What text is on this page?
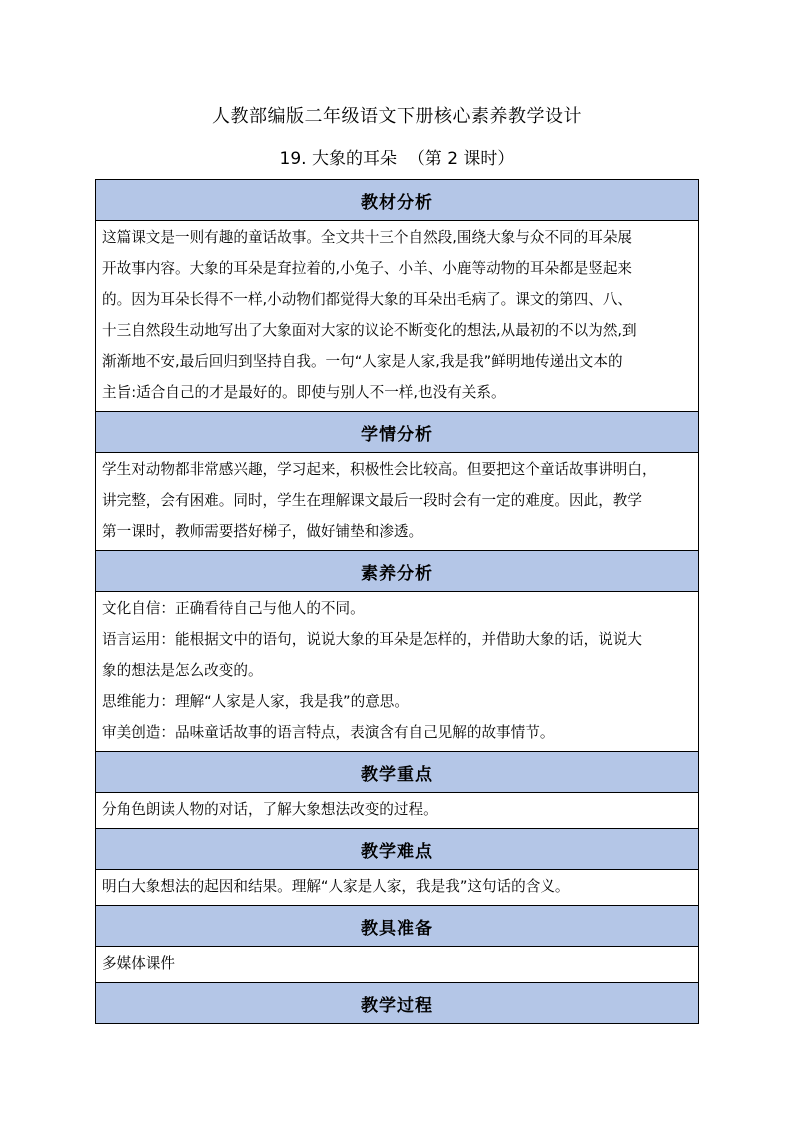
人教部编版二年级语文下册核心素养教学设计
19. 大象的耳朵 （第 2 课时）
教材分析

这篇课文是一则有趣的童话故事。全文共十三个自然段,围绕大象与众不同的耳朵展

开故事内容。大象的耳朵是耷拉着的,小兔子、小羊、小鹿等动物的耳朵都是竖起来

的。因为耳朵长得不一样,小动物们都觉得大象的耳朵出毛病了。课文的第四、八、

十三自然段生动地写出了大象面对大家的议论不断变化的想法,从最初的不以为然,到

渐渐地不安,最后回归到坚持自我。一句“人家是人家,我是我”鲜明地传递出文本的

主旨:适合自己的才是最好的。即使与别人不一样,也没有关系。

学情分析

学生对动物都非常感兴趣，学习起来，积极性会比较高。但要把这个童话故事讲明白，

讲完整，会有困难。同时，学生在理解课文最后一段时会有一定的难度。因此，教学

第一课时，教师需要搭好梯子，做好铺垫和渗透。

素养分析

文化自信：正确看待自己与他人的不同。

语言运用：能根据文中的语句，说说大象的耳朵是怎样的，并借助大象的话，说说大

象的想法是怎么改变的。

思维能力：理解“人家是人家，我是我”的意思。

审美创造：品味童话故事的语言特点，表演含有自己见解的故事情节。

教学重点

分角色朗读人物的对话，了解大象想法改变的过程。

教学难点

明白大象想法的起因和结果。理解“人家是人家，我是我”这句话的含义。

教具准备

多媒体课件

教学过程
